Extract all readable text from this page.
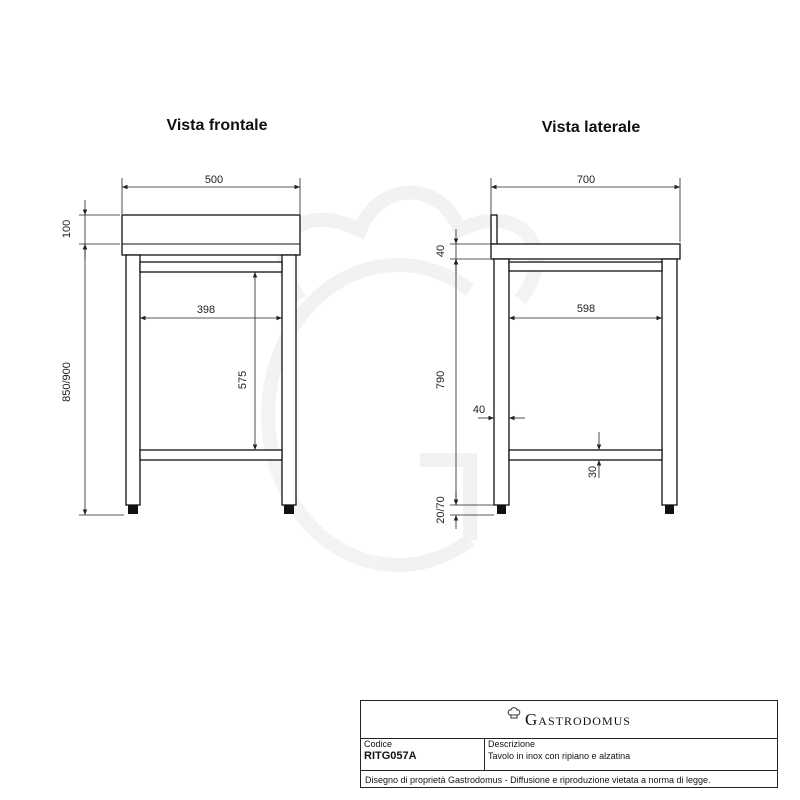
Vista frontale	Vista laterale
500
398
575
100
850/900
700
598
40
790
40
30
20/70
Gastrodomus
Codice
RITG057A
Descrizione
Tavolo in inox con ripiano e alzatina
Disegno di proprietà Gastrodomus - Diffusione e riproduzione vietata a norma di legge.
